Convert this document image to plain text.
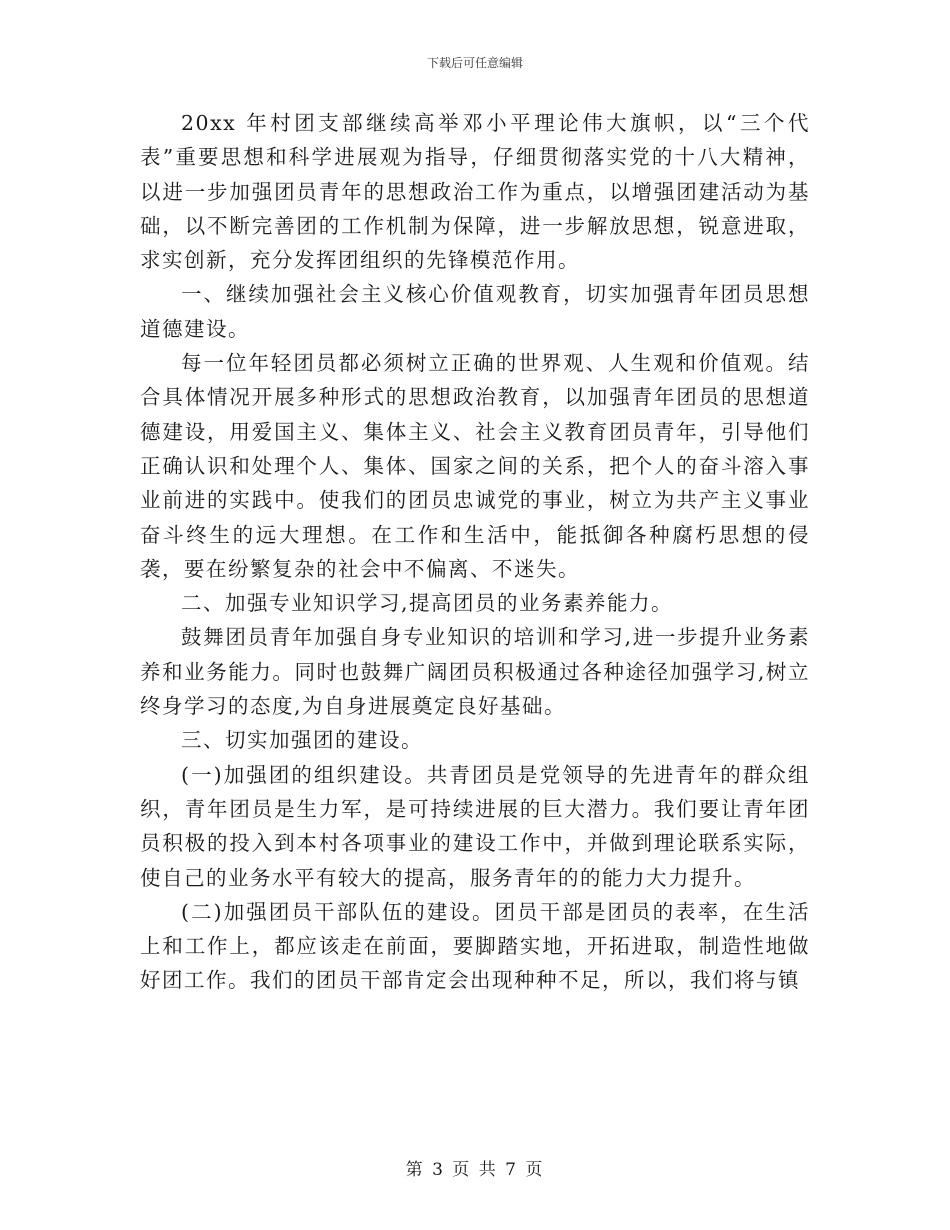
下载后可任意编辑

20xx 年村团支部继续高举邓小平理论伟大旗帜，以“三个代表”重要思想和科学进展观为指导，仔细贯彻落实党的十八大精神，以进一步加强团员青年的思想政治工作为重点，以增强团建活动为基础，以不断完善团的工作机制为保障，进一步解放思想，锐意进取，求实创新，充分发挥团组织的先锋模范作用。

一、继续加强社会主义核心价值观教育，切实加强青年团员思想道德建设。

每一位年轻团员都必须树立正确的世界观、人生观和价值观。结合具体情况开展多种形式的思想政治教育，以加强青年团员的思想道德建设，用爱国主义、集体主义、社会主义教育团员青年，引导他们正确认识和处理个人、集体、国家之间的关系，把个人的奋斗溶入事业前进的实践中。使我们的团员忠诚党的事业，树立为共产主义事业奋斗终生的远大理想。在工作和生活中，能抵御各种腐朽思想的侵袭，要在纷繁复杂的社会中不偏离、不迷失。

二、加强专业知识学习,提高团员的业务素养能力。

鼓舞团员青年加强自身专业知识的培训和学习,进一步提升业务素养和业务能力。同时也鼓舞广阔团员积极通过各种途径加强学习,树立终身学习的态度,为自身进展奠定良好基础。

三、切实加强团的建设。

(一)加强团的组织建设。共青团员是党领导的先进青年的群众组织，青年团员是生力军，是可持续进展的巨大潜力。我们要让青年团员积极的投入到本村各项事业的建设工作中，并做到理论联系实际，使自己的业务水平有较大的提高，服务青年的的能力大力提升。

(二)加强团员干部队伍的建设。团员干部是团员的表率，在生活上和工作上，都应该走在前面，要脚踏实地，开拓进取，制造性地做好团工作。我们的团员干部肯定会出现种种不足，所以，我们将与镇

第 3 页 共 7 页
